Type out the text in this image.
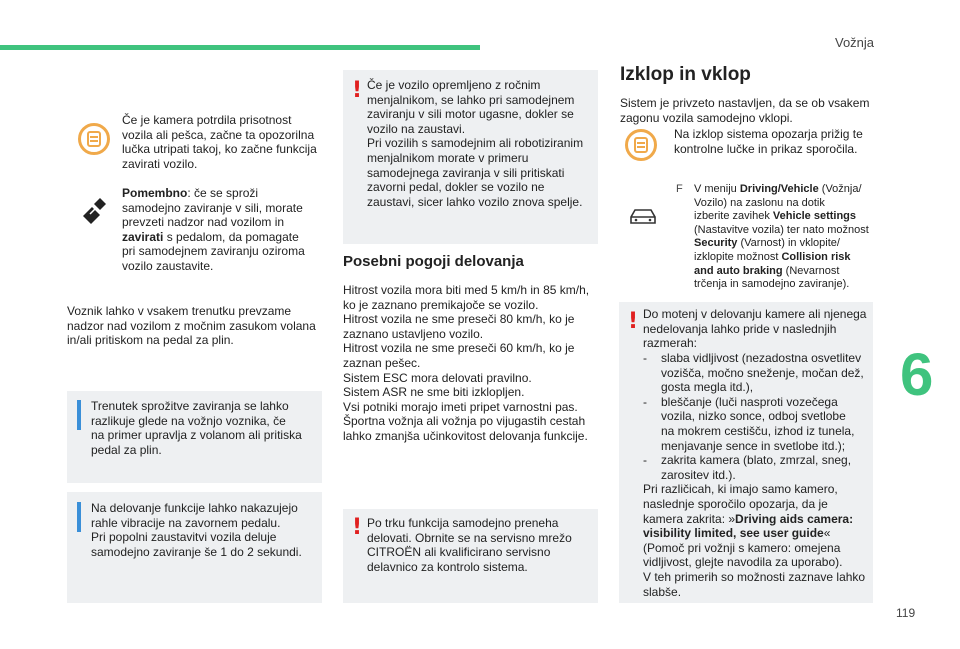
Vožnja
6
119
Če je kamera potrdila prisotnost
vozila ali pešca, začne ta opozorilna
lučka utripati takoj, ko začne funkcija
zavirati vozilo.
Pomembno: če se sproži
samodejno zaviranje v sili, morate
prevzeti nadzor nad vozilom in
zavirati s pedalom, da pomagate
pri samodejnem zaviranju oziroma
vozilo zaustavite.
Voznik lahko v vsakem trenutku prevzame
nadzor nad vozilom z močnim zasukom volana
in/ali pritiskom na pedal za plin.
Trenutek sprožitve zaviranja se lahko
razlikuje glede na vožnjo voznika, če
na primer upravlja z volanom ali pritiska
pedal za plin.
Na delovanje funkcije lahko nakazujejo
rahle vibracije na zavornem pedalu.
Pri popolni zaustavitvi vozila deluje
samodejno zaviranje še 1 do 2 sekundi.
! Če je vozilo opremljeno z ročnim
menjalnikom, se lahko pri samodejnem
zaviranju v sili motor ugasne, dokler se
vozilo na zaustavi.
Pri vozilih s samodejnim ali robotiziranim
menjalnikom morate v primeru
samodejnega zaviranja v sili pritiskati
zavorni pedal, dokler se vozilo ne
zaustavi, sicer lahko vozilo znova spelje.
Posebni pogoji delovanja
Hitrost vozila mora biti med 5 km/h in 85 km/h,
ko je zaznano premikajoče se vozilo.
Hitrost vozila ne sme preseči 80 km/h, ko je
zaznano ustavljeno vozilo.
Hitrost vozila ne sme preseči 60 km/h, ko je
zaznan pešec.
Sistem ESC mora delovati pravilno.
Sistem ASR ne sme biti izklopljen.
Vsi potniki morajo imeti pripet varnostni pas.
Športna vožnja ali vožnja po vijugastih cestah
lahko zmanjša učinkovitost delovanja funkcije.
! Po trku funkcija samodejno preneha
delovati. Obrnite se na servisno mrežo
CITROËN ali kvalificirano servisno
delavnico za kontrolo sistema.
Izklop in vklop
Sistem je privzeto nastavljen, da se ob vsakem
zagonu vozila samodejno vklopi.
Na izklop sistema opozarja prižig te
kontrolne lučke in prikaz sporočila.
F V meniju Driving/Vehicle (Vožnja/
Vozilo) na zaslonu na dotik
izberite zavihek Vehicle settings
(Nastavitve vozila) ter nato možnost
Security (Varnost) in vklopite/
izklopite možnost Collision risk
and auto braking (Nevarnost
trčenja in samodejno zaviranje).
! Do motenj v delovanju kamere ali njenega
nedelovanja lahko pride v naslednjih
razmerah:
- slaba vidljivost (nezadostna osvetlitev
vozišča, močno sneženje, močan dež,
gosta megla itd.),
- bleščanje (luči nasproti vozečega
vozila, nizko sonce, odboj svetlobe
na mokrem cestišču, izhod iz tunela,
menjavanje sence in svetlobe itd.);
- zakrita kamera (blato, zmrzal, sneg,
zarositev itd.).
Pri različicah, ki imajo samo kamero,
naslednje sporočilo opozarja, da je
kamera zakrita: »Driving aids camera:
visibility limited, see user guide«
(Pomoč pri vožnji s kamero: omejena
vidljivost, glejte navodila za uporabo).
V teh primerih so možnosti zaznave lahko
slabše.
